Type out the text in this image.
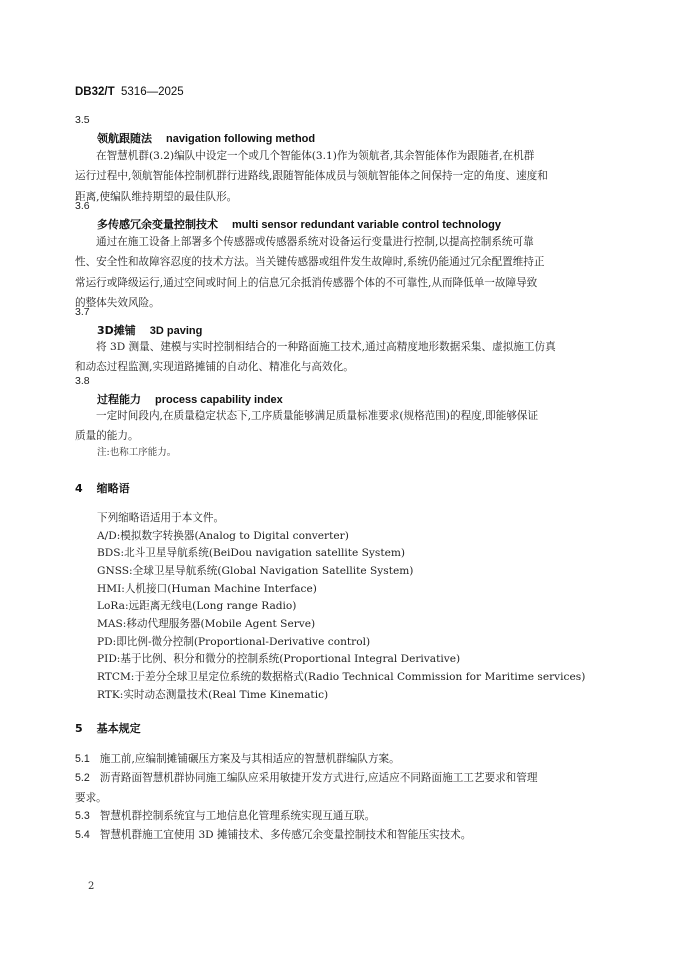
DB32/T 5316—2025
3.5
领航跟随法 navigation following method
在智慧机群(3.2)编队中设定一个或几个智能体(3.1)作为领航者,其余智能体作为跟随者,在机群
运行过程中,领航智能体控制机群行进路线,跟随智能体成员与领航智能体之间保持一定的角度、速度和
距离,使编队维持期望的最佳队形。
3.6
多传感冗余变量控制技术 multi sensor redundant variable control technology
通过在施工设备上部署多个传感器或传感器系统对设备运行变量进行控制,以提高控制系统可靠
性、安全性和故障容忍度的技术方法。当关键传感器或组件发生故障时,系统仍能通过冗余配置维持正
常运行或降级运行,通过空间或时间上的信息冗余抵消传感器个体的不可靠性,从而降低单一故障导致
的整体失效风险。
3.7
3D摊铺 3D paving
将 3D 测量、建模与实时控制相结合的一种路面施工技术,通过高精度地形数据采集、虚拟施工仿真
和动态过程监测,实现道路摊铺的自动化、精准化与高效化。
3.8
过程能力 process capability index
一定时间段内,在质量稳定状态下,工序质量能够满足质量标准要求(规格范围)的程度,即能够保证
质量的能力。
注:也称工序能力。
4 缩略语
下列缩略语适用于本文件。
A/D:模拟数字转换器(Analog to Digital converter)
BDS:北斗卫星导航系统(BeiDou navigation satellite System)
GNSS:全球卫星导航系统(Global Navigation Satellite System)
HMI:人机接口(Human Machine Interface)
LoRa:远距离无线电(Long range Radio)
MAS:移动代理服务器(Mobile Agent Serve)
PD:即比例-微分控制(Proportional-Derivative control)
PID:基于比例、积分和微分的控制系统(Proportional Integral Derivative)
RTCM:于差分全球卫星定位系统的数据格式(Radio Technical Commission for Maritime services)
RTK:实时动态测量技术(Real Time Kinematic)
5 基本规定
5.1 施工前,应编制摊铺碾压方案及与其相适应的智慧机群编队方案。
5.2 沥青路面智慧机群协同施工编队应采用敏捷开发方式进行,应适应不同路面施工工艺要求和管理
要求。
5.3 智慧机群控制系统宜与工地信息化管理系统实现互通互联。
5.4 智慧机群施工宜使用 3D 摊铺技术、多传感冗余变量控制技术和智能压实技术。
2
